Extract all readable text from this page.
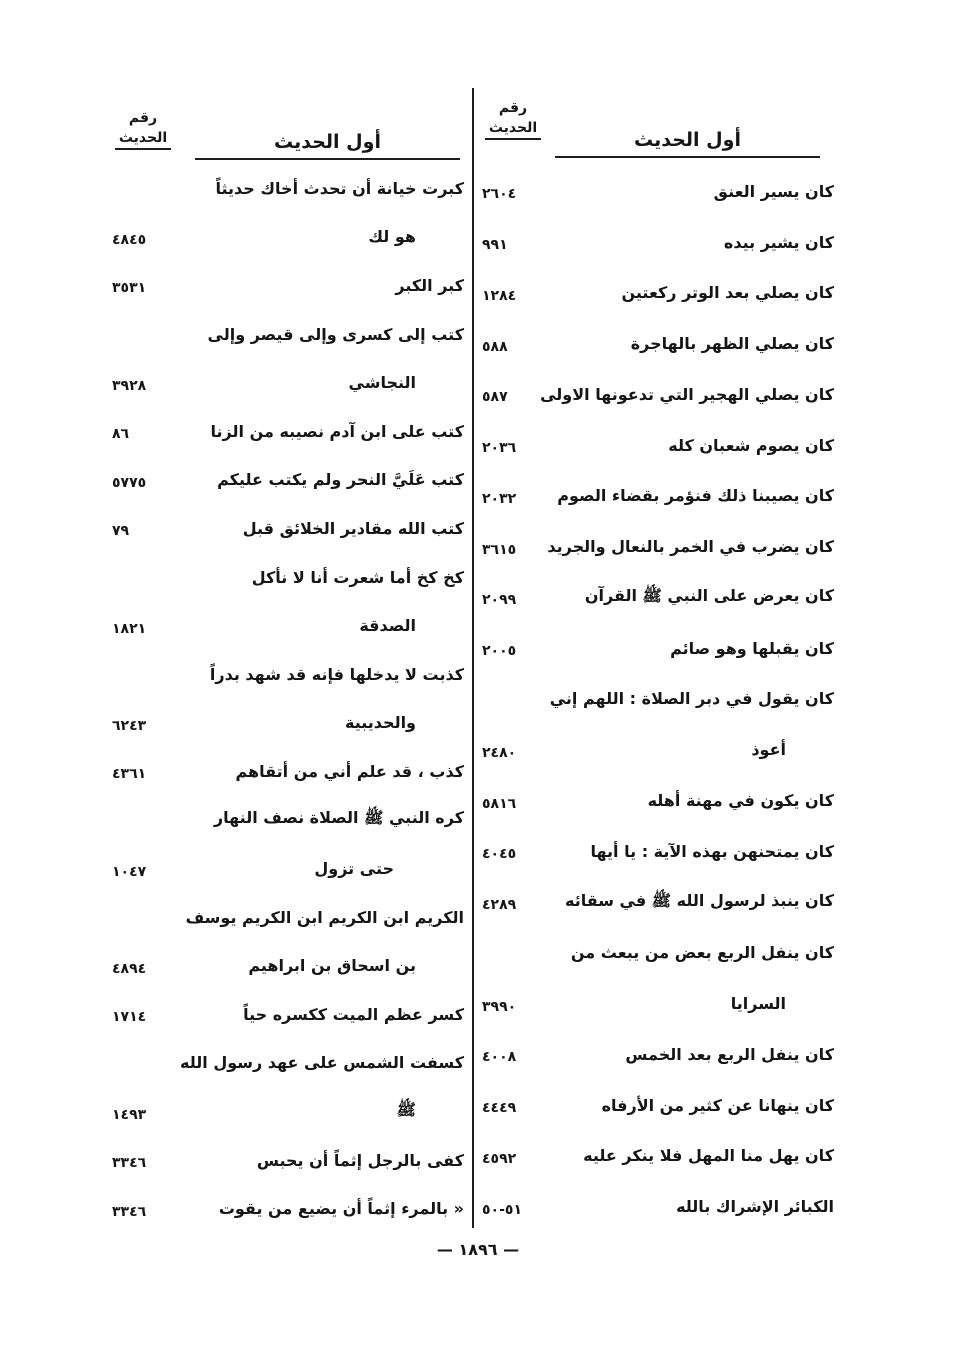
أول الحديث
رقم
الحديث
أول الحديث
رقم
الحديث
كان يسير العنق
٢٦٠٤
كان يشير بيده
٩٩١
كان يصلي بعد الوتر ركعتين
١٢٨٤
كان يصلي الظهر بالهاجرة
٥٨٨
كان يصلي الهجير التي تدعونها الاولى
٥٨٧
كان يصوم شعبان كله
٢٠٣٦
كان يصيبنا ذلك فنؤمر بقضاء الصوم
٢٠٣٢
كان يضرب في الخمر بالنعال والجريد
٣٦١٥
كان يعرض على النبي ﷺ القرآن
٢٠٩٩
كان يقبلها وهو صائم
٢٠٠٥
كان يقول في دبر الصلاة : اللهم إني
أعوذ
٢٤٨٠
كان يكون في مهنة أهله
٥٨١٦
كان يمتحنهن بهذه الآية : يا أيها
٤٠٤٥
كان ينبذ لرسول الله ﷺ في سقائه
٤٢٨٩
كان ينفل الربع بعض من يبعث من
السرايا
٣٩٩٠
كان ينفل الربع بعد الخمس
٤٠٠٨
كان ينهانا عن كثير من الأرفاه
٤٤٤٩
كان يهل منا المهل فلا ينكر عليه
٤٥٩٢
الكبائر الإشراك بالله
٥١-٥٠
كبرت خيانة أن تحدث أخاك حديثاً
هو لك
٤٨٤٥
كبر الكبر
٣٥٣١
كتب إلى كسرى وإلى قيصر وإلى
النجاشي
٣٩٢٨
كتب على ابن آدم نصيبه من الزنا
٨٦
كتب عَلَيَّ النحر ولم يكتب عليكم
٥٧٧٥
كتب الله مقادير الخلائق قبل
٧٩
كخ كخ أما شعرت أنا لا نأكل
الصدقة
١٨٢١
كذبت لا يدخلها فإنه قد شهد بدراً
والحديبية
٦٢٤٣
كذب ، قد علم أني من أتقاهم
٤٣٦١
كره النبي ﷺ الصلاة نصف النهار
حتى تزول
١٠٤٧
الكريم ابن الكريم ابن الكريم يوسف
بن اسحاق بن ابراهيم
٤٨٩٤
كسر عظم الميت ككسره حياً
١٧١٤
كسفت الشمس على عهد رسول الله
ﷺ
١٤٩٣
كفى بالرجل إثماً أن يحبس
٣٣٤٦
« بالمرء إثماً أن يضيع من يقوت
٣٣٤٦
— ١٨٩٦ —
